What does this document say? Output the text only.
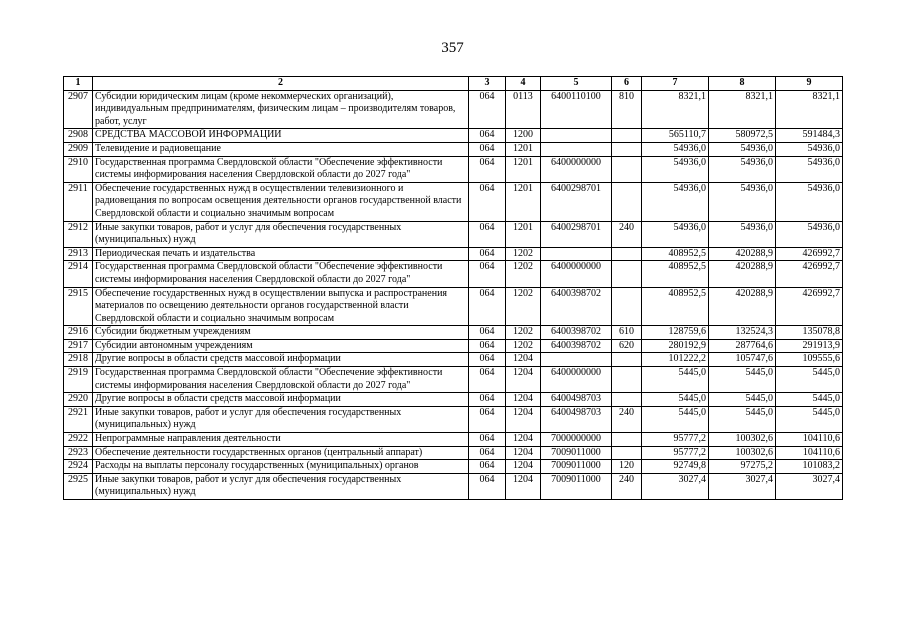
357
1	2	3	4	5	6	7	8	9
2907	Субсидии юридическим лицам (кроме некоммерческих организаций), индивидуальным предпринимателям, физическим лицам – производителям товаров, работ, услуг	064	0113	6400110100	810	8321,1	8321,1	8321,1
2908	СРЕДСТВА МАССОВОЙ ИНФОРМАЦИИ	064	1200			565110,7	580972,5	591484,3
2909	Телевидение и радиовещание	064	1201			54936,0	54936,0	54936,0
2910	Государственная программа Свердловской области "Обеспечение эффективности системы информирования населения Свердловской области до 2027 года"	064	1201	6400000000		54936,0	54936,0	54936,0
2911	Обеспечение государственных нужд в осуществлении телевизионного и радиовещания по вопросам освещения деятельности органов государственной власти Свердловской области и социально значимым вопросам	064	1201	6400298701		54936,0	54936,0	54936,0
2912	Иные закупки товаров, работ и услуг для обеспечения государственных (муниципальных) нужд	064	1201	6400298701	240	54936,0	54936,0	54936,0
2913	Периодическая печать и издательства	064	1202			408952,5	420288,9	426992,7
2914	Государственная программа Свердловской области "Обеспечение эффективности системы информирования населения Свердловской области до 2027 года"	064	1202	6400000000		408952,5	420288,9	426992,7
2915	Обеспечение государственных нужд в осуществлении выпуска и распространения материалов по освещению деятельности органов государственной власти Свердловской области и социально значимым вопросам	064	1202	6400398702		408952,5	420288,9	426992,7
2916	Субсидии бюджетным учреждениям	064	1202	6400398702	610	128759,6	132524,3	135078,8
2917	Субсидии автономным учреждениям	064	1202	6400398702	620	280192,9	287764,6	291913,9
2918	Другие вопросы в области средств массовой информации	064	1204			101222,2	105747,6	109555,6
2919	Государственная программа Свердловской области "Обеспечение эффективности системы информирования населения Свердловской области до 2027 года"	064	1204	6400000000		5445,0	5445,0	5445,0
2920	Другие вопросы в области средств массовой информации	064	1204	6400498703		5445,0	5445,0	5445,0
2921	Иные закупки товаров, работ и услуг для обеспечения государственных (муниципальных) нужд	064	1204	6400498703	240	5445,0	5445,0	5445,0
2922	Непрограммные направления деятельности	064	1204	7000000000		95777,2	100302,6	104110,6
2923	Обеспечение деятельности государственных органов (центральный аппарат)	064	1204	7009011000		95777,2	100302,6	104110,6
2924	Расходы на выплаты персоналу государственных (муниципальных) органов	064	1204	7009011000	120	92749,8	97275,2	101083,2
2925	Иные закупки товаров, работ и услуг для обеспечения государственных (муниципальных) нужд	064	1204	7009011000	240	3027,4	3027,4	3027,4
